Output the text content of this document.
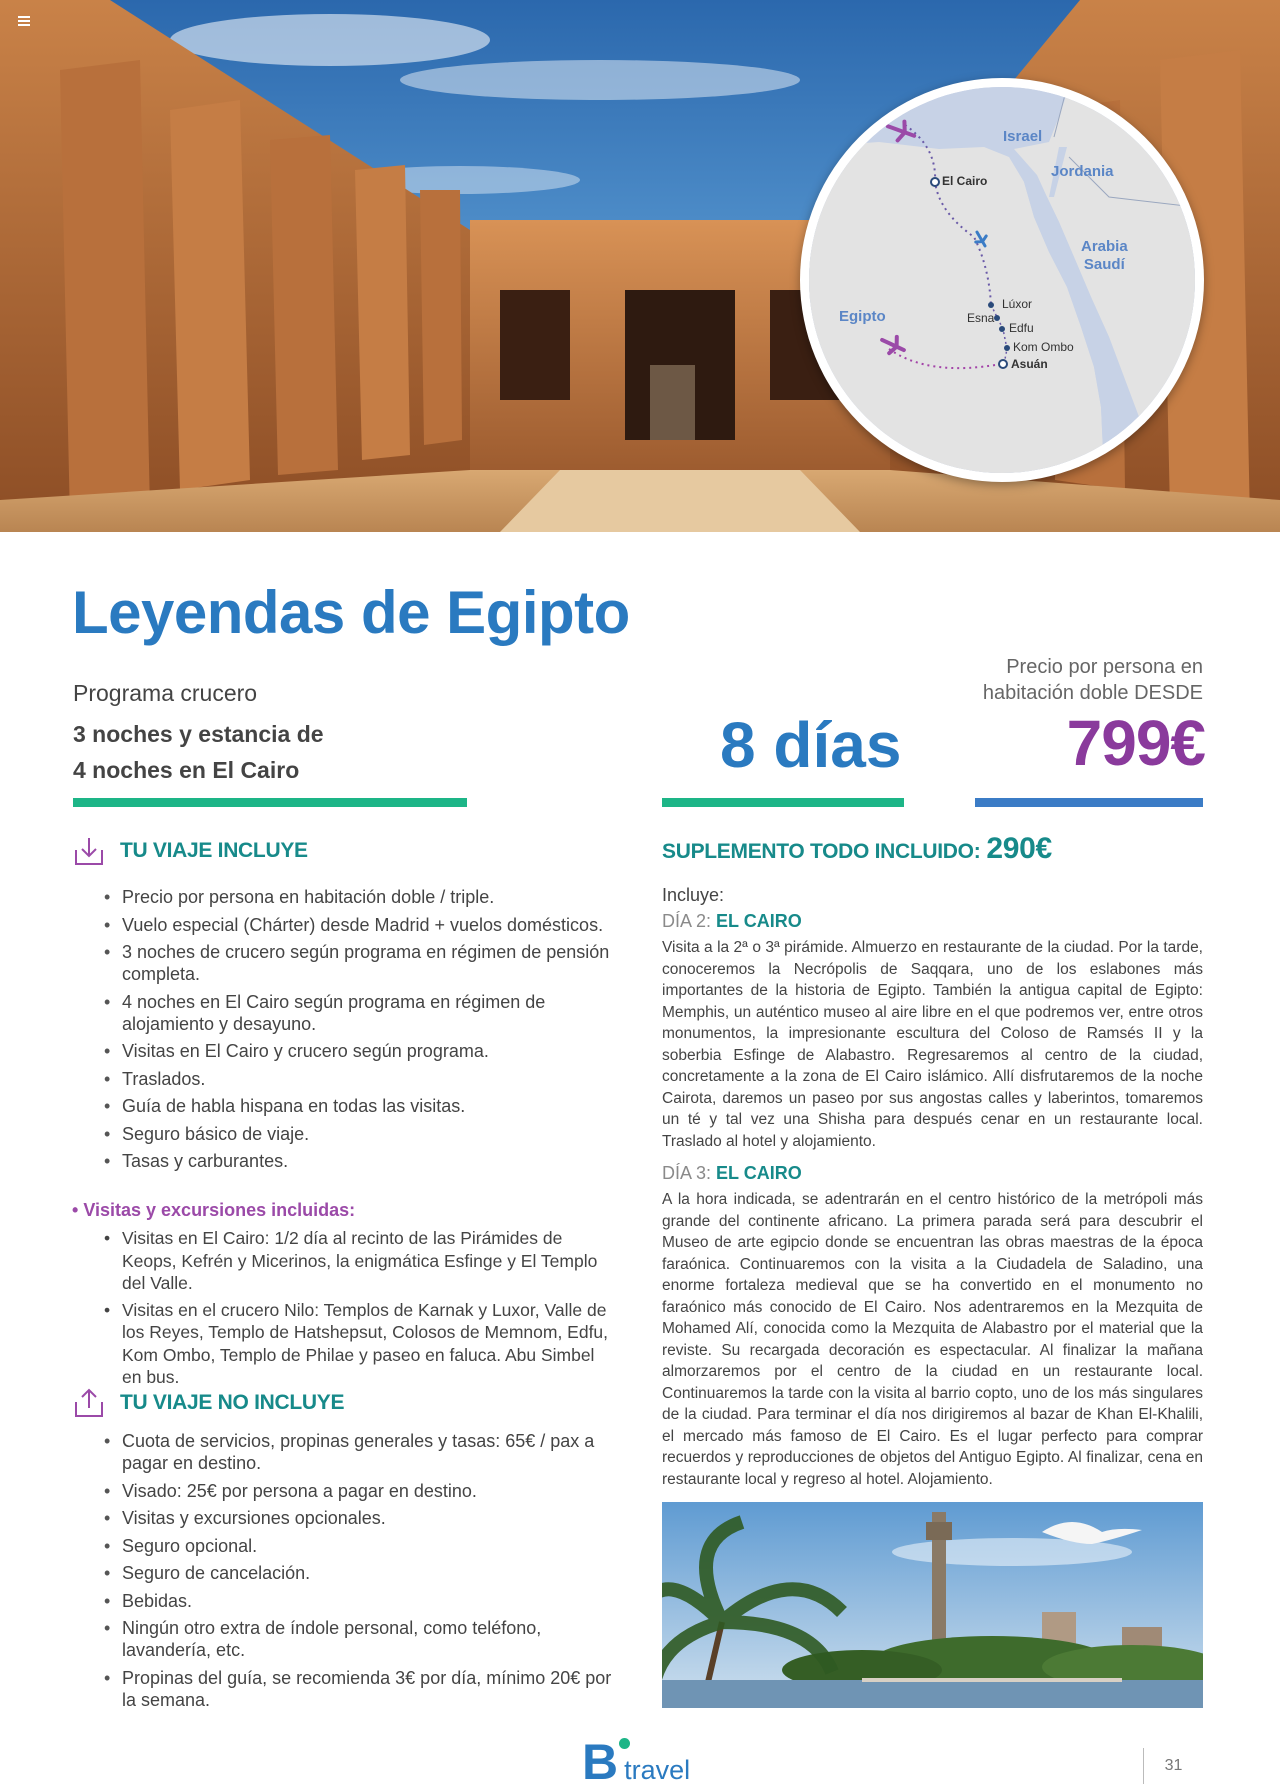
Israel
Jordania
Arabia
Saudí
Egipto
El Cairo
Lúxor
Esna
Edfu
Kom Ombo
Asuán
Leyendas de Egipto
Programa crucero
3 noches y estancia de
4 noches en El Cairo	8 días
Precio por persona en habitación doble DESDE
799€
TU VIAJE INCLUYE
• Precio por persona en habitación doble / triple.
• Vuelo especial (Chárter) desde Madrid + vuelos domésticos.
• 3 noches de crucero según programa en régimen de pensión completa.
• 4 noches en El Cairo según programa en régimen de alojamiento y desayuno.
• Visitas en El Cairo y crucero según programa.
• Traslados.
• Guía de habla hispana en todas las visitas.
• Seguro básico de viaje.
• Tasas y carburantes.
• Visitas y excursiones incluidas:
• Visitas en El Cairo: 1/2 día al recinto de las Pirámides de Keops, Kefrén y Micerinos, la enigmática Esfinge y El Templo del Valle.
• Visitas en el crucero Nilo: Templos de Karnak y Luxor, Valle de los Reyes, Templo de Hatshepsut, Colosos de Memnom, Edfu, Kom Ombo, Templo de Philae y paseo en faluca. Abu Simbel en bus.
TU VIAJE NO INCLUYE
• Cuota de servicios, propinas generales y tasas: 65€ / pax a pagar en destino.
• Visado: 25€ por persona a pagar en destino.
• Visitas y excursiones opcionales.
• Seguro opcional.
• Seguro de cancelación.
• Bebidas.
• Ningún otro extra de índole personal, como teléfono, lavandería, etc.
• Propinas del guía, se recomienda 3€ por día, mínimo 20€ por la semana.
SUPLEMENTO TODO INCLUIDO: 290€
Incluye:
DÍA 2: EL CAIRO

Visita a la 2ª o 3ª pirámide. Almuerzo en restaurante de la ciudad. Por la tarde, conoceremos la Necrópolis de Saqqara, uno de los eslabones más importantes de la historia de Egipto. También la antigua capital de Egipto: Memphis, un auténtico museo al aire libre en el que podremos ver, entre otros monumentos, la impresionante escultura del Coloso de Ramsés II y la soberbia Esfinge de Alabastro. Regresaremos al centro de la ciudad, concretamente a la zona de El Cairo islámico. Allí disfrutaremos de la noche Cairota, daremos un paseo por sus angostas calles y laberintos, tomaremos un té y tal vez una Shisha para después cenar en un restaurante local. Traslado al hotel y alojamiento.

DÍA 3: EL CAIRO

A la hora indicada, se adentrarán en el centro histórico de la metrópoli más grande del continente africano. La primera parada será para descubrir el Museo de arte egipcio donde se encuentran las obras maestras de la época faraónica. Continuaremos con la visita a la Ciudadela de Saladino, una enorme fortaleza medieval que se ha convertido en el monumento no faraónico más conocido de El Cairo. Nos adentraremos en la Mezquita de Mohamed Alí, conocida como la Mezquita de Alabastro por el material que la reviste. Su recargada decoración es espectacular. Al finalizar la mañana almorzaremos por el centro de la ciudad en un restaurante local. Continuaremos la tarde con la visita al barrio copto, uno de los más singulares de la ciudad. Para terminar el día nos dirigiremos al bazar de Khan El-Khalili, el mercado más famoso de El Cairo. Es el lugar perfecto para comprar recuerdos y reproducciones de objetos del Antiguo Egipto. Al finalizar, cena en restaurante local y regreso al hotel. Alojamiento.

B travel	31
